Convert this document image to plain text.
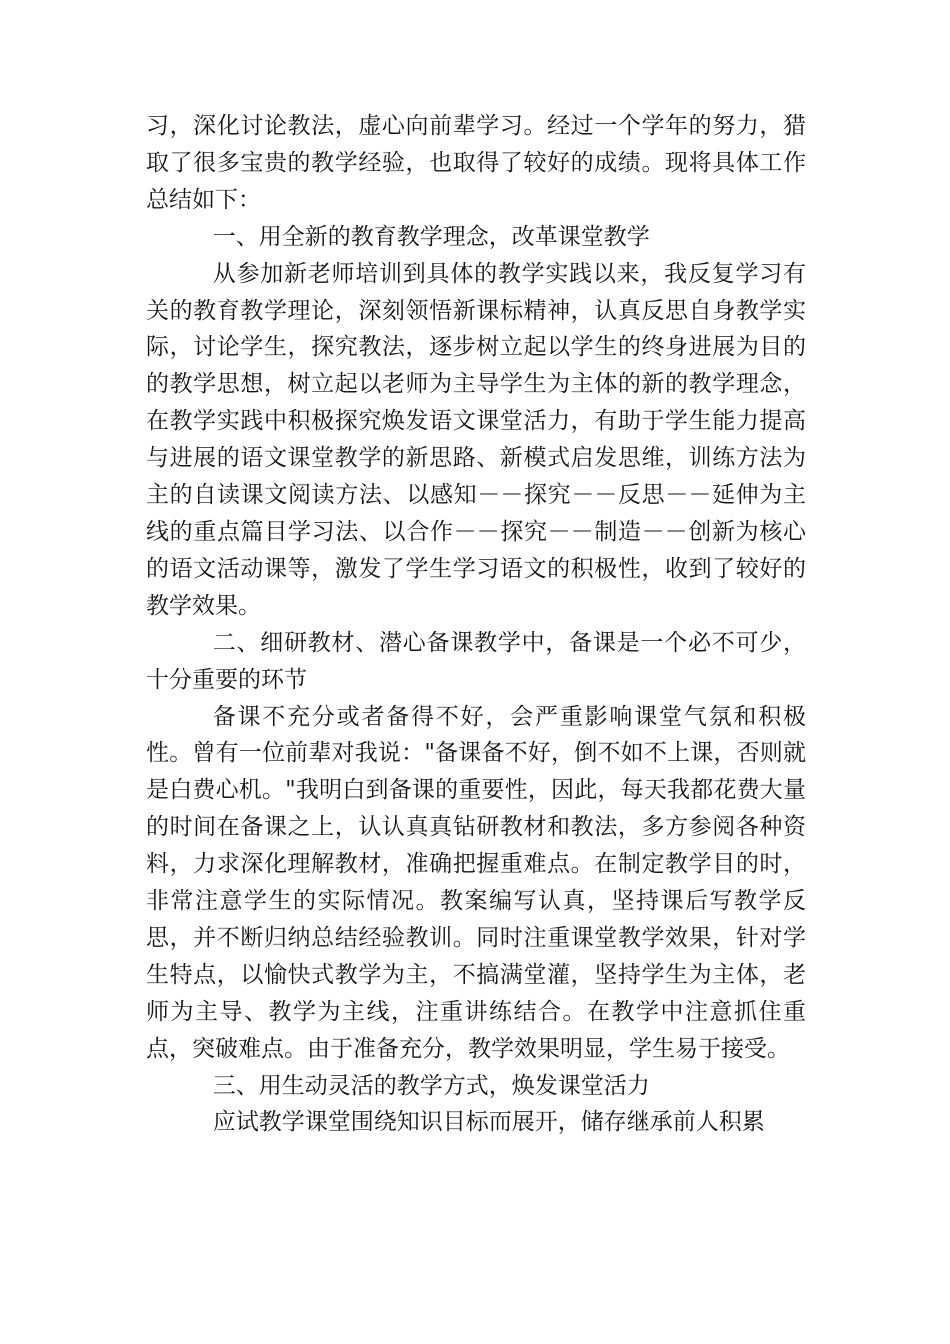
习，深化讨论教法，虚心向前辈学习。经过一个学年的努力，猎取了很多宝贵的教学经验，也取得了较好的成绩。现将具体工作总结如下：

一、用全新的教育教学理念，改革课堂教学

从参加新老师培训到具体的教学实践以来，我反复学习有关的教育教学理论，深刻领悟新课标精神，认真反思自身教学实际，讨论学生，探究教法，逐步树立起以学生的终身进展为目的的教学思想，树立起以老师为主导学生为主体的新的教学理念，在教学实践中积极探究焕发语文课堂活力，有助于学生能力提高与进展的语文课堂教学的新思路、新模式启发思维，训练方法为主的自读课文阅读方法、以感知－－探究－－反思－－延伸为主线的重点篇目学习法、以合作－－探究－－制造－－创新为核心的语文活动课等，激发了学生学习语文的积极性，收到了较好的教学效果。

二、细研教材、潜心备课教学中，备课是一个必不可少，十分重要的环节

备课不充分或者备得不好，会严重影响课堂气氛和积极性。曾有一位前辈对我说："备课备不好，倒不如不上课，否则就是白费心机。"我明白到备课的重要性，因此，每天我都花费大量的时间在备课之上，认认真真钻研教材和教法，多方参阅各种资料，力求深化理解教材，准确把握重难点。在制定教学目的时，非常注意学生的实际情况。教案编写认真，坚持课后写教学反思，并不断归纳总结经验教训。同时注重课堂教学效果，针对学生特点，以愉快式教学为主，不搞满堂灌，坚持学生为主体，老师为主导、教学为主线，注重讲练结合。在教学中注意抓住重点，突破难点。由于准备充分，教学效果明显，学生易于接受。

三、用生动灵活的教学方式，焕发课堂活力

应试教学课堂围绕知识目标而展开，储存继承前人积累
